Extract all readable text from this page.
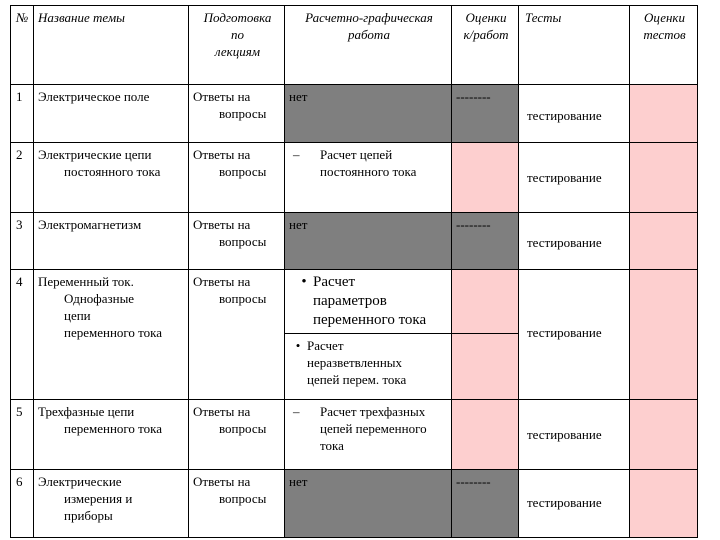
№	Название темы	Подготовка
по
лекциям	Расчетно-графическая
работа	Оценки
к/работ	Тесты	Оценки
тестов

1	Электрическое поле	Ответы на
вопросы	нет	--------	тестирование	

2	Электрические цепи
постоянного тока	Ответы на
вопросы	– Расчет цепей
постоянного тока		тестирование	

3	Электромагнетизм	Ответы на
вопросы	нет	--------	тестирование	

4	Переменный ток.
Однофазные
цепи
переменного тока	Ответы на
вопросы	• Расчет
параметров
переменного тока		тестирование	

			• Расчет
неразветвленных
цепей перем. тока			

5	Трехфазные цепи
переменного тока	Ответы на
вопросы	– Расчет трехфазных
цепей переменного
тока		тестирование	

6	Электрические
измерения и
приборы	Ответы на
вопросы	нет	--------	тестирование	
